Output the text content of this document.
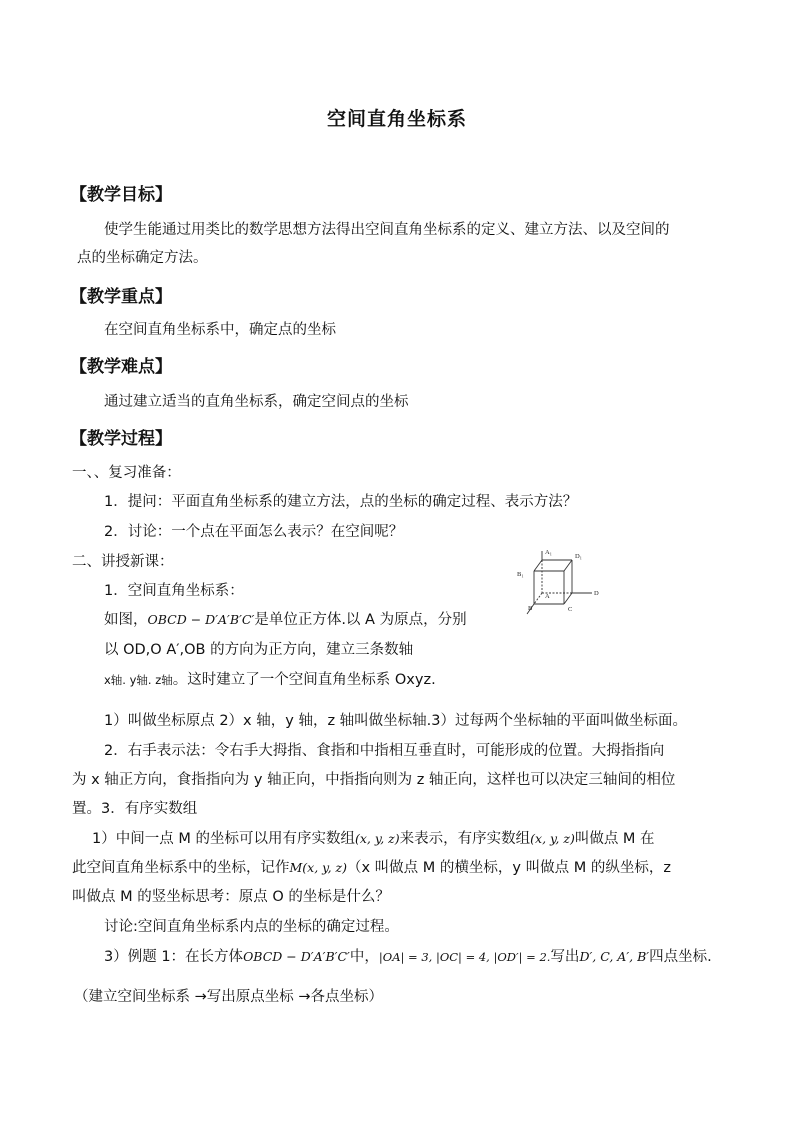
空间直角坐标系
【教学目标】
使学生能通过用类比的数学思想方法得出空间直角坐标系的定义、建立方法、以及空间的
点的坐标确定方法。
【教学重点】
在空间直角坐标系中，确定点的坐标
【教学难点】
通过建立适当的直角坐标系，确定空间点的坐标
【教学过程】
一、、复习准备：
1．提问：平面直角坐标系的建立方法，点的坐标的确定过程、表示方法？
2．讨论：一个点在平面怎么表示？在空间呢？
二、讲授新课：
1．空间直角坐标系：
如图，OBCD − D′A′B′C′是单位正方体.以 A 为原点，分别
以 OD,O A′,OB 的方向为正方向，建立三条数轴
x轴. y轴. z轴。这时建立了一个空间直角坐标系 Oxyz.
A₁
D₁
B₁
A
B	C
D
1）叫做坐标原点 2）x 轴，y 轴，z 轴叫做坐标轴.3）过每两个坐标轴的平面叫做坐标面。
2．右手表示法：令右手大拇指、食指和中指相互垂直时，可能形成的位置。大拇指指向
为 x 轴正方向，食指指向为 y 轴正向，中指指向则为 z 轴正向，这样也可以决定三轴间的相位
置。3．有序实数组
1）中间一点 M 的坐标可以用有序实数组(x, y, z)来表示，有序实数组(x, y, z)叫做点 M 在
此空间直角坐标系中的坐标，记作M(x, y, z)（x 叫做点 M 的横坐标，y 叫做点 M 的纵坐标，z
叫做点 M 的竖坐标思考：原点 O 的坐标是什么？
讨论:空间直角坐标系内点的坐标的确定过程。
3）例题 1：在长方体OBCD − D′A′B′C′中，|OA| = 3, |OC| = 4, |OD′| = 2.写出D′, C, A′, B′四点坐标.
（建立空间坐标系 →写出原点坐标 →各点坐标）
